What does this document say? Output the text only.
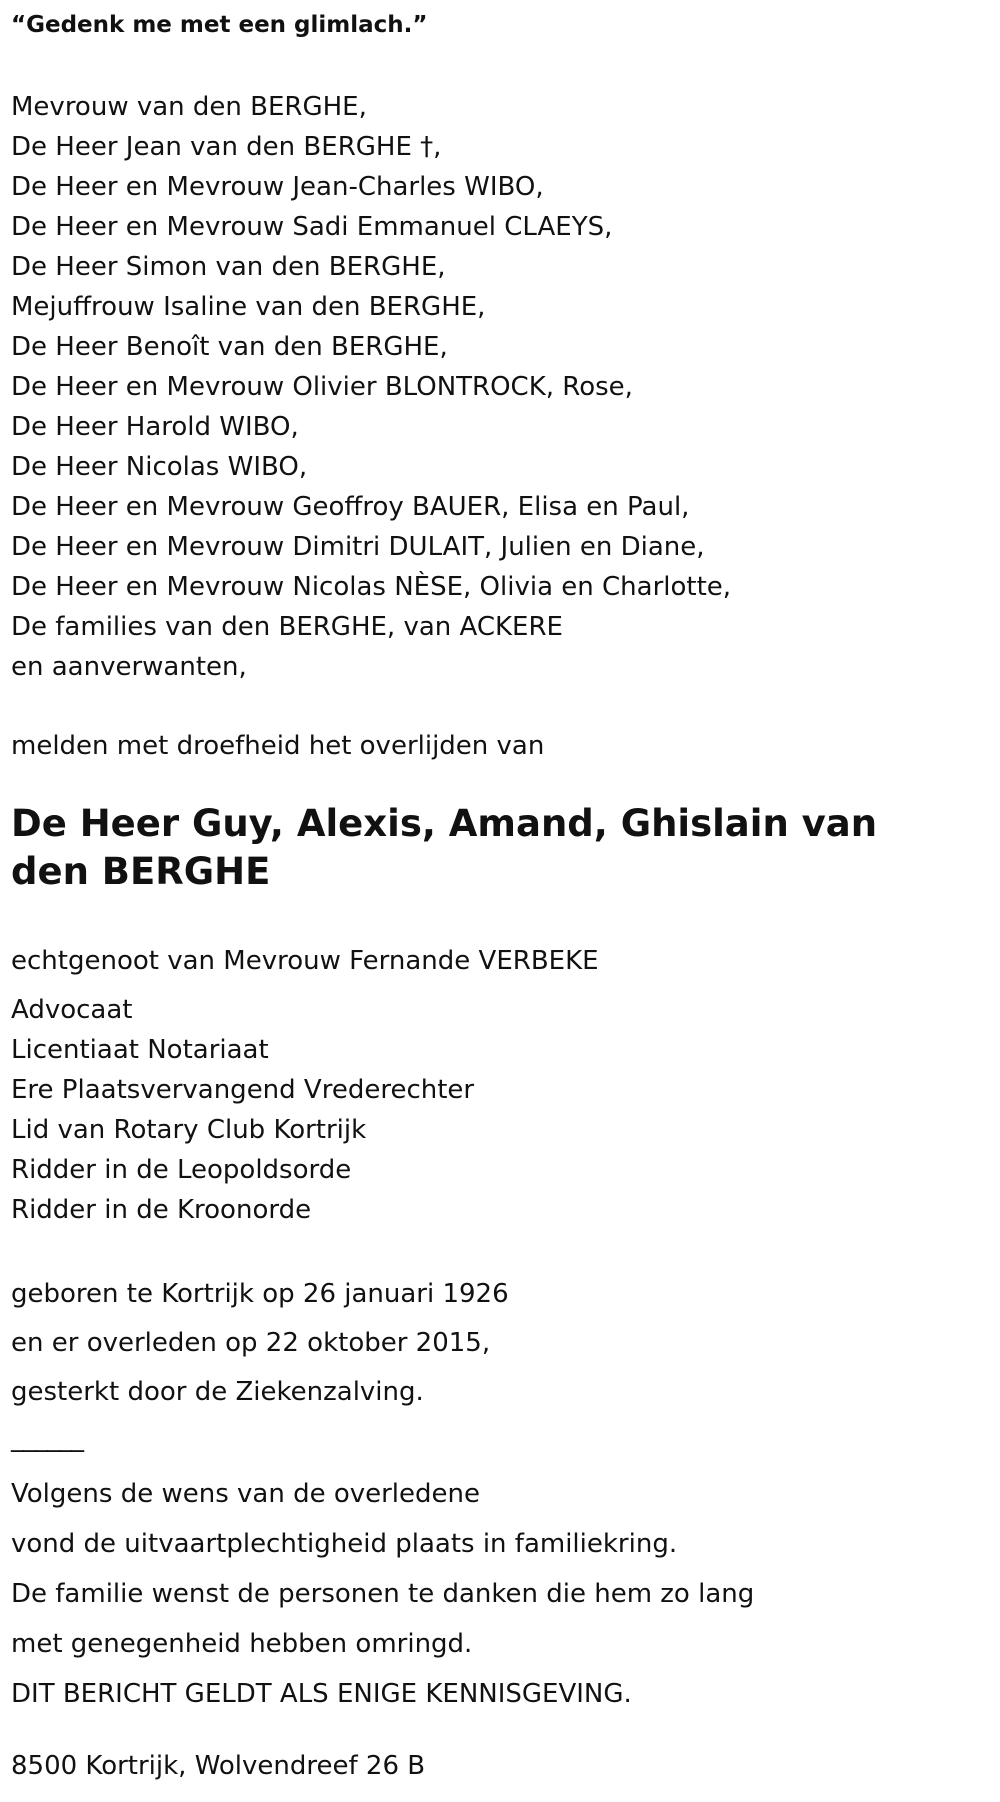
“Gedenk me met een glimlach.”
Mevrouw van den BERGHE,
De Heer Jean van den BERGHE †,
De Heer en Mevrouw Jean-Charles WIBO,
De Heer en Mevrouw Sadi Emmanuel CLAEYS,
De Heer Simon van den BERGHE,
Mejuffrouw Isaline van den BERGHE,
De Heer Benoît van den BERGHE,
De Heer en Mevrouw Olivier BLONTROCK, Rose,
De Heer Harold WIBO,
De Heer Nicolas WIBO,
De Heer en Mevrouw Geoffroy BAUER, Elisa en Paul,
De Heer en Mevrouw Dimitri DULAIT, Julien en Diane,
De Heer en Mevrouw Nicolas NÈSE, Olivia en Charlotte,
De families van den BERGHE, van ACKERE
en aanverwanten,
melden met droefheid het overlijden van
De Heer Guy, Alexis, Amand, Ghislain van den BERGHE
echtgenoot van Mevrouw Fernande VERBEKE
Advocaat
Licentiaat Notariaat
Ere Plaatsvervangend Vrederechter
Lid van Rotary Club Kortrijk
Ridder in de Leopoldsorde
Ridder in de Kroonorde
geboren te Kortrijk op 26 januari 1926
en er overleden op 22 oktober 2015,
gesterkt door de Ziekenzalving.
______
Volgens de wens van de overledene
vond de uitvaartplechtigheid plaats in familiekring.
De familie wenst de personen te danken die hem zo lang
met genegenheid hebben omringd.
DIT BERICHT GELDT ALS ENIGE KENNISGEVING.
8500 Kortrijk, Wolvendreef 26 B
